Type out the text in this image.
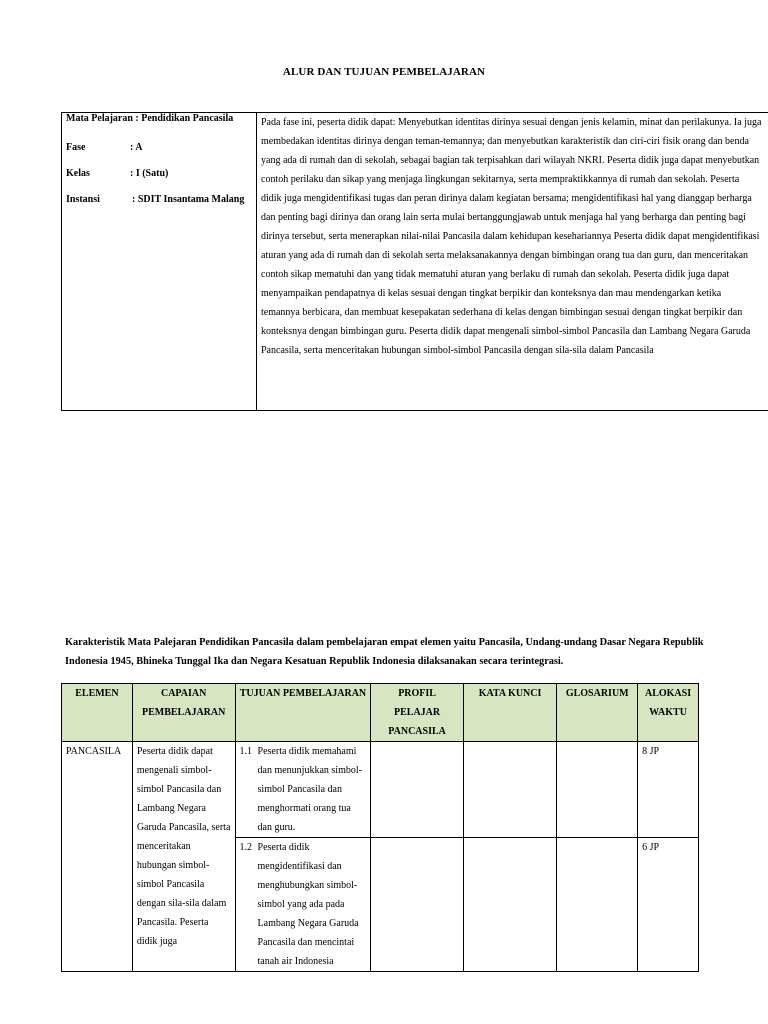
ALUR DAN TUJUAN PEMBELAJARAN
Mata Pelajaran : Pendidikan Pancasila
Fase	: A
Kelas	: I (Satu)
Instansi	: SDIT Insantama Malang
	Pada fase ini, peserta didik dapat: Menyebutkan identitas dirinya sesuai dengan jenis kelamin, minat dan perilakunya. Ia juga membedakan identitas dirinya dengan teman-temannya; dan menyebutkan karakteristik dan ciri-ciri fisik orang dan benda yang ada di rumah dan di sekolah, sebagai bagian tak terpisahkan dari wilayah NKRI. Peserta didik juga dapat menyebutkan contoh perilaku dan sikap yang menjaga lingkungan sekitarnya, serta mempraktikkannya di rumah dan sekolah. Peserta didik juga mengidentifikasi tugas dan peran dirinya dalam kegiatan bersama; mengidentifikasi hal yang dianggap berharga dan penting bagi dirinya dan orang lain serta mulai bertanggungjawab untuk menjaga hal yang berharga dan penting bagi dirinya tersebut, serta menerapkan nilai-nilai Pancasila dalam kehidupan kesehariannya Peserta didik dapat mengidentifikasi aturan yang ada di rumah dan di sekolah serta melaksanakannya dengan bimbingan orang tua dan guru, dan menceritakan contoh sikap mematuhi dan yang tidak mematuhi aturan yang berlaku di rumah dan sekolah. Peserta didik juga dapat menyampaikan pendapatnya di kelas sesuai dengan tingkat berpikir dan konteksnya dan mau mendengarkan ketika temannya berbicara, dan membuat kesepakatan sederhana di kelas dengan bimbingan sesuai dengan tingkat berpikir dan konteksnya dengan bimbingan guru. Peserta didik dapat mengenali simbol-simbol Pancasila dan Lambang Negara Garuda Pancasila, serta menceritakan hubungan simbol-simbol Pancasila dengan sila-sila dalam Pancasila
Karakteristik Mata Palejaran Pendidikan Pancasila dalam pembelajaran empat elemen yaitu Pancasila, Undang-undang Dasar Negara Republik Indonesia 1945, Bhineka Tunggal Ika dan Negara Kesatuan Republik Indonesia dilaksanakan secara terintegrasi.
ELEMEN	CAPAIAN PEMBELAJARAN	TUJUAN PEMBELAJARAN	PROFIL PELAJAR PANCASILA	KATA KUNCI	GLOSARIUM	ALOKASI WAKTU
PANCASILA	Peserta didik dapat mengenali simbol-simbol Pancasila dan Lambang Negara Garuda Pancasila, serta menceritakan hubungan simbol-simbol Pancasila dengan sila-sila dalam Pancasila. Peserta didik juga	1.1 Peserta didik memahami dan menunjukkan simbol-simbol Pancasila dan menghormati orang tua dan guru.				8 JP

		1.2 Peserta didik mengidentifikasi dan menghubungkan simbol-simbol yang ada pada Lambang Negara Garuda Pancasila dan mencintai tanah air Indonesia				6 JP
